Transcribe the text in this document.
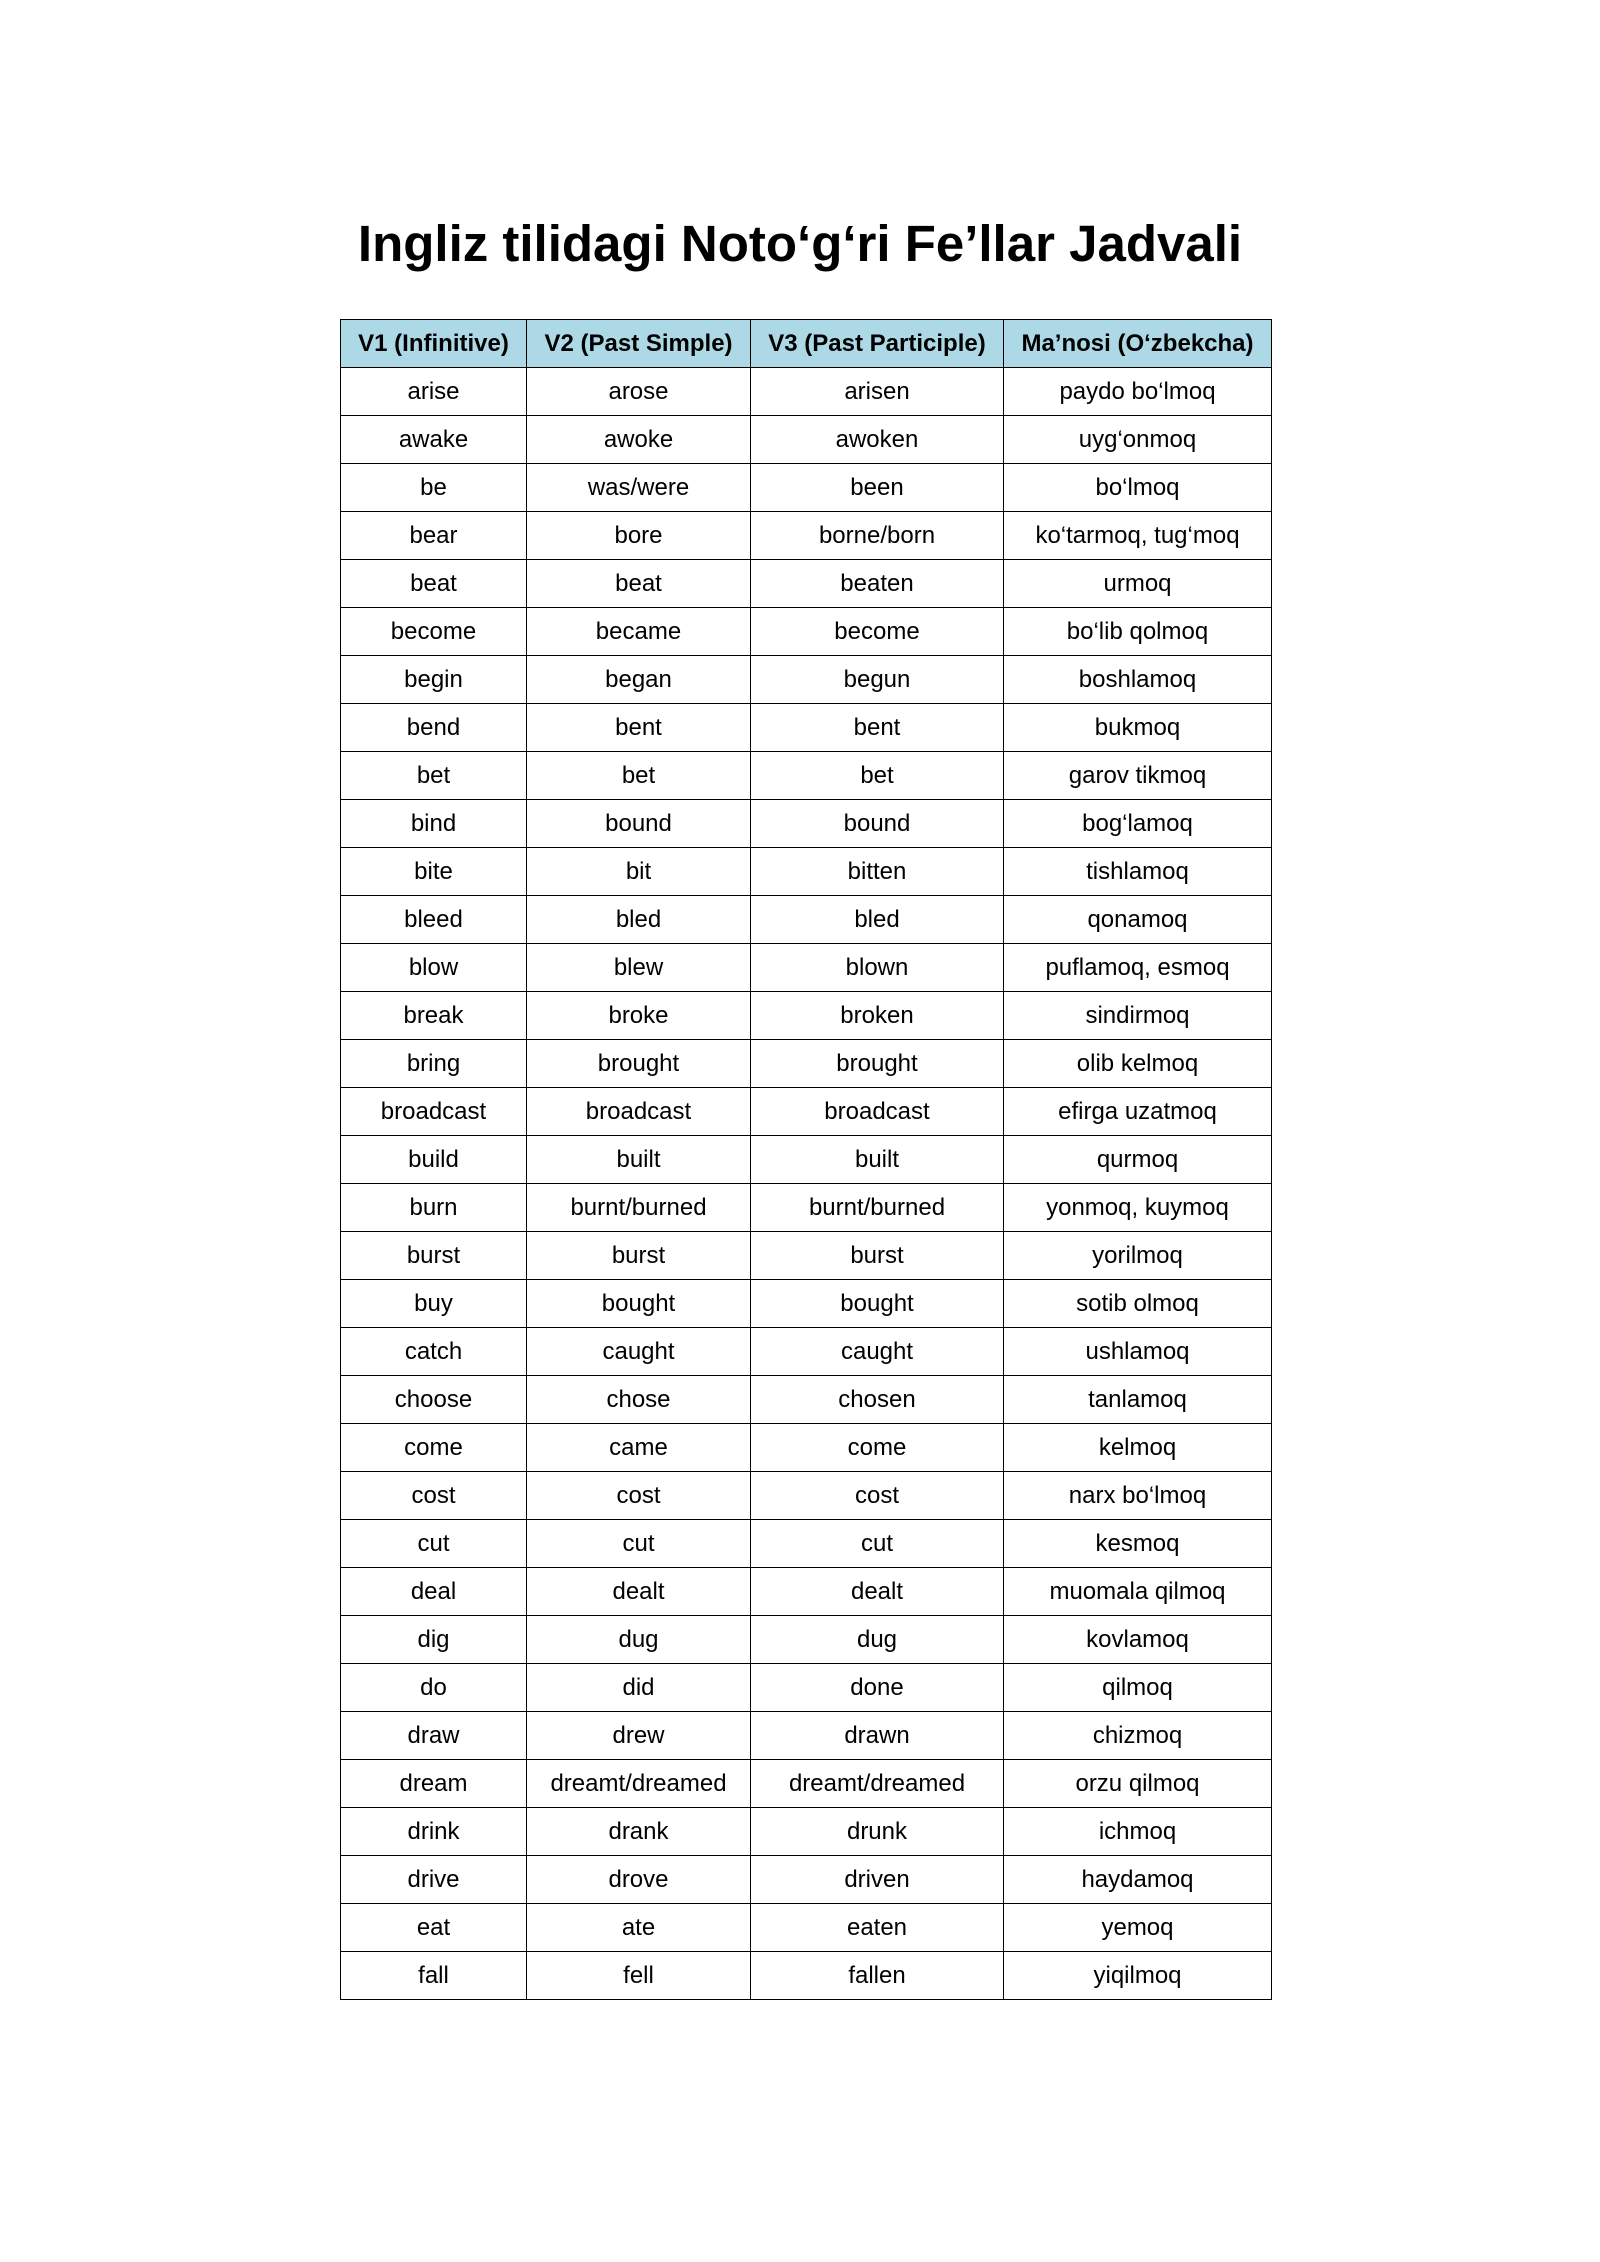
Ingliz tilidagi Noto‘g‘ri Fe’llar Jadvali
V1 (Infinitive)	V2 (Past Simple)	V3 (Past Participle)	Ma’nosi (O‘zbekcha)
arise	arose	arisen	paydo bo‘lmoq
awake	awoke	awoken	uyg‘onmoq
be	was/were	been	bo‘lmoq
bear	bore	borne/born	ko‘tarmoq, tug‘moq
beat	beat	beaten	urmoq
become	became	become	bo‘lib qolmoq
begin	began	begun	boshlamoq
bend	bent	bent	bukmoq
bet	bet	bet	garov tikmoq
bind	bound	bound	bog‘lamoq
bite	bit	bitten	tishlamoq
bleed	bled	bled	qonamoq
blow	blew	blown	puflamoq, esmoq
break	broke	broken	sindirmoq
bring	brought	brought	olib kelmoq
broadcast	broadcast	broadcast	efirga uzatmoq
build	built	built	qurmoq
burn	burnt/burned	burnt/burned	yonmoq, kuymoq
burst	burst	burst	yorilmoq
buy	bought	bought	sotib olmoq
catch	caught	caught	ushlamoq
choose	chose	chosen	tanlamoq
come	came	come	kelmoq
cost	cost	cost	narx bo‘lmoq
cut	cut	cut	kesmoq
deal	dealt	dealt	muomala qilmoq
dig	dug	dug	kovlamoq
do	did	done	qilmoq
draw	drew	drawn	chizmoq
dream	dreamt/dreamed	dreamt/dreamed	orzu qilmoq
drink	drank	drunk	ichmoq
drive	drove	driven	haydamoq
eat	ate	eaten	yemoq
fall	fell	fallen	yiqilmoq
